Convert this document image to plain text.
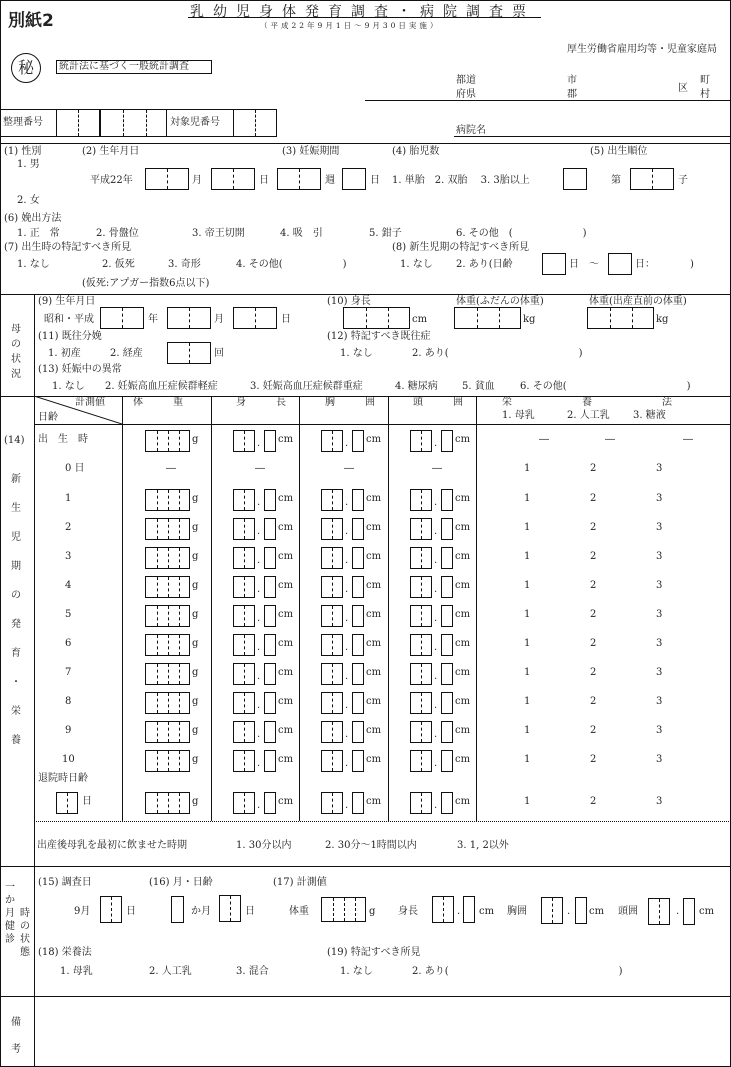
別紙2	乳幼児身体発育調査・病院調査票
（平成22年9月1日～9月30日実施）
秘	統計法に基づく一般統計調査
厚生労働省雇用均等・児童家庭局
都道
府県
市
郡
区
町
村
病院名
整理番号	対象児番号
(1) 性別
1. 男
2. 女
(2) 生年月日
平成22年	月	日
(3) 妊娠期間
週	日
(4) 胎児数
1. 単胎　2. 双胎　 3. 3胎以上
(5) 出生順位
第	子
(6) 娩出方法
1. 正　常	2. 骨盤位	3. 帝王切開	4. 吸　引	5. 鉗子	6. その他　(　　　　　　　)
(7) 出生時の特記すべき所見
1. なし	2. 仮死	3. 奇形	4. その他(　　　　　　)
(仮死:アプガー指数6点以下)
(8) 新生児期の特記すべき所見
1. なし 2. あり(日齢	日　～	日：　　　　)
母
の
状
況
(9) 生年月日
昭和・平成	年	月	日
(10) 身長
cm
体重(ふだんの体重)
kg
体重(出産直前の体重)
kg
(11) 既往分娩
1. 初産	2. 経産	回
(12) 特記すべき既往症
1. なし	2. あり(　　　　　　　　　　　　　)
(13) 妊娠中の異常
1. なし 2. 妊娠高血圧症候群軽症	3. 妊娠高血圧症候群重症	4. 糖尿病 5. 貧血	6. その他(　　　　　　　　　　　　)
(14)
新
生
児
期
の
発
育
・
栄
養
計測値
日齢
体　　　重	身　　　長	胸　　　囲	頭　　　囲	栄　　　　　　　養　　　　　　　法
1. 母乳	2. 人工乳 3. 糖液
出　生　時	g	. cm	. cm	. cm	―	―	―
0 日	―	―	―	―	1	2	3
1	g	. cm	. cm	. cm	1	2	3
2	g	. cm	. cm	. cm	1	2	3
3	g	. cm	. cm	. cm	1	2	3
4	g	. cm	. cm	. cm	1	2	3
5	g	. cm	. cm	. cm	1	2	3
6	g	. cm	. cm	. cm	1	2	3
7	g	. cm	. cm	. cm	1	2	3
8	g	. cm	. cm	. cm	1	2	3
9	g	. cm	. cm	. cm	1	2	3
10	g	. cm	. cm	. cm	1	2	3
日	g	. cm	. cm	. cm	1	2	3
退院時日齢
出産後母乳を最初に飲ませた時期	1. 30分以内	2. 30分～1時間以内	3. 1, 2以外
一
か
月
健
診
時
の
状
態
(15) 調査日
9月	日
(16) 月・日齢
か月	日
(17) 計測値
体重	g 身長	. cm 胸囲	. cm 頭囲	. cm
(18) 栄養法
1. 母乳	2. 人工乳	3. 混合
(19) 特記すべき所見
1. なし	2. あり(　　　　　　　　　　　　　　　　　)
備
考
